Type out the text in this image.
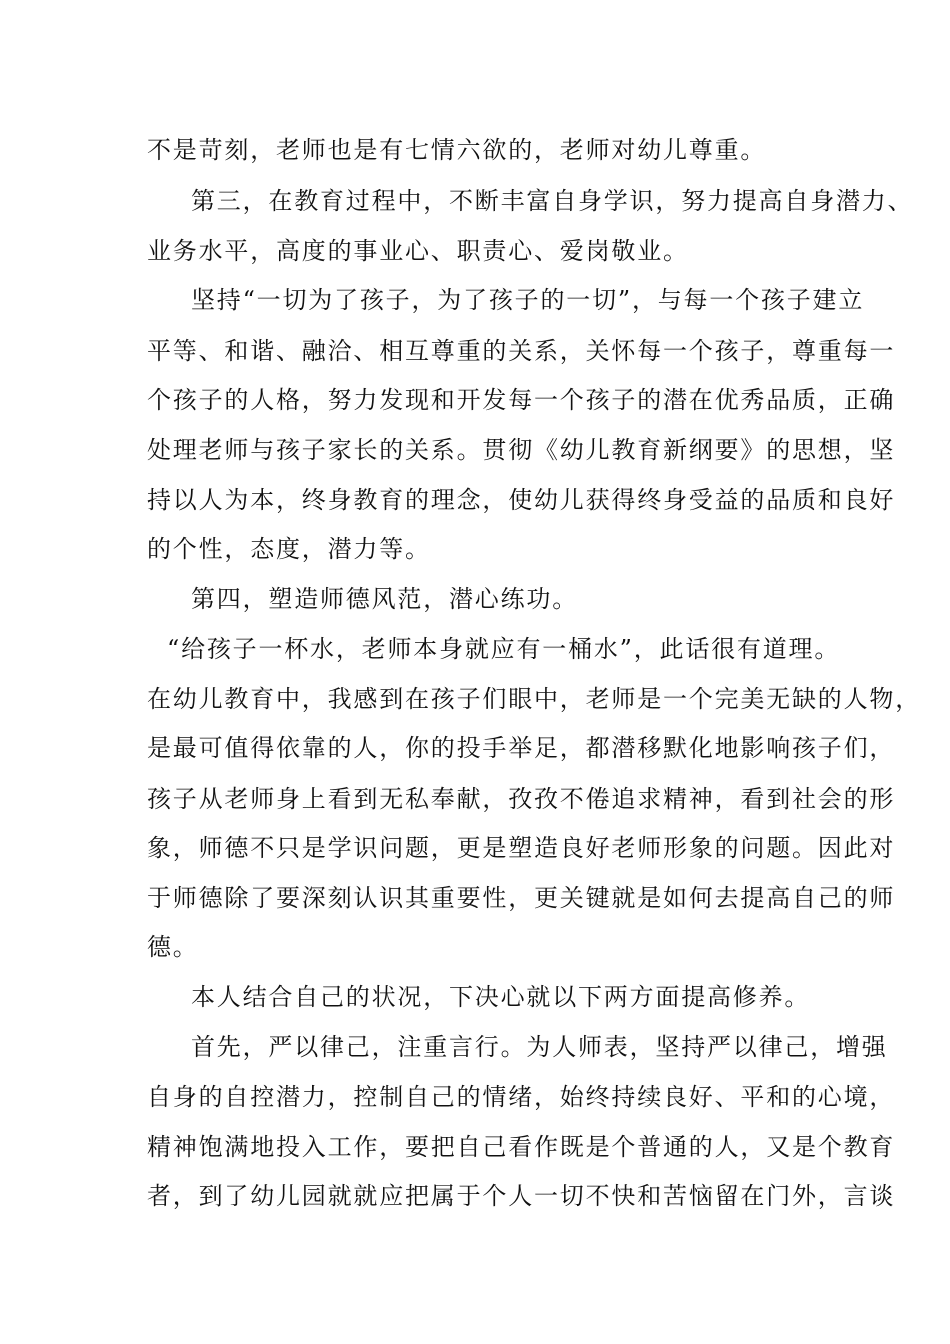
不是苛刻，老师也是有七情六欲的，老师对幼儿尊重。
第三，在教育过程中，不断丰富自身学识，努力提高自身潜力、
业务水平，高度的事业心、职责心、爱岗敬业。
坚持“一切为了孩子，为了孩子的一切”，与每一个孩子建立
平等、和谐、融洽、相互尊重的关系，关怀每一个孩子，尊重每一
个孩子的人格，努力发现和开发每一个孩子的潜在优秀品质，正确
处理老师与孩子家长的关系。贯彻《幼儿教育新纲要》的思想，坚
持以人为本，终身教育的理念，使幼儿获得终身受益的品质和良好
的个性，态度，潜力等。
第四，塑造师德风范，潜心练功。
“给孩子一杯水，老师本身就应有一桶水”，此话很有道理。
在幼儿教育中，我感到在孩子们眼中，老师是一个完美无缺的人物，
是最可值得依靠的人，你的投手举足，都潜移默化地影响孩子们，
孩子从老师身上看到无私奉献，孜孜不倦追求精神，看到社会的形
象，师德不只是学识问题，更是塑造良好老师形象的问题。因此对
于师德除了要深刻认识其重要性，更关键就是如何去提高自己的师
德。
本人结合自己的状况，下决心就以下两方面提高修养。
首先，严以律己，注重言行。为人师表，坚持严以律己，增强
自身的自控潜力，控制自己的情绪，始终持续良好、平和的心境，
精神饱满地投入工作，要把自己看作既是个普通的人，又是个教育
者，到了幼儿园就就应把属于个人一切不快和苦恼留在门外，言谈
